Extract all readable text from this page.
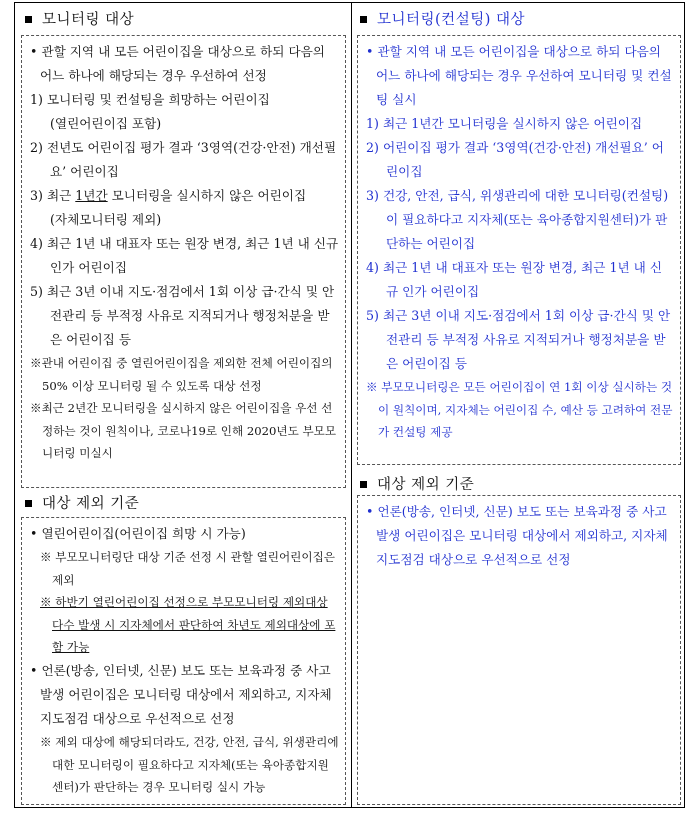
모니터링 대상

• 관할 지역 내 모든 어린이집을 대상으로 하되 다음의 어느 하나에 해당되는 경우 우선하여 선정

1) 모니터링 및 컨설팅을 희망하는 어린이집

(열린어린이집 포함)

2) 전년도 어린이집 평가 결과 ‘3영역(건강·안전) 개선필요’ 어린이집

3) 최근 1년간 모니터링을 실시하지 않은 어린이집

(자체모니터링 제외)

4) 최근 1년 내 대표자 또는 원장 변경, 최근 1년 내 신규 인가 어린이집

5) 최근 3년 이내 지도·점검에서 1회 이상 급·간식 및 안전관리 등 부적정 사유로 지적되거나 행정처분을 받은 어린이집 등

※관내 어린이집 중 열린어린이집을 제외한 전체 어린이집의 50% 이상 모니터링 될 수 있도록 대상 선정

※최근 2년간 모니터링을 실시하지 않은 어린이집을 우선 선정하는 것이 원칙이나, 코로나19로 인해 2020년도 부모모니터링 미실시

대상 제외 기준

• 열린어린이집(어린이집 희망 시 가능)

※ 부모모니터링단 대상 기준 선정 시 관할 열린어린이집은 제외

※ 하반기 열린어린이집 선정으로 부모모니터링 제외대상 다수 발생 시 지자체에서 판단하여 차년도 제외대상에 포함 가능

• 언론(방송, 인터넷, 신문) 보도 또는 보육과정 중 사고 발생 어린이집은 모니터링 대상에서 제외하고, 지자체 지도점검 대상으로 우선적으로 선정

※ 제외 대상에 해당되더라도, 건강, 안전, 급식, 위생관리에 대한 모니터링이 필요하다고 지자체(또는 육아종합지원센터)가 판단하는 경우 모니터링 실시 가능

모니터링(컨설팅) 대상

• 관할 지역 내 모든 어린이집을 대상으로 하되 다음의 어느 하나에 해당되는 경우 우선하여 모니터링 및 컨설팅 실시

1) 최근 1년간 모니터링을 실시하지 않은 어린이집

2) 어린이집 평가 결과 ‘3영역(건강·안전) 개선필요’ 어린이집

3) 건강, 안전, 급식, 위생관리에 대한 모니터링(컨설팅)이 필요하다고 지자체(또는 육아종합지원센터)가 판단하는 어린이집

4) 최근 1년 내 대표자 또는 원장 변경, 최근 1년 내 신규 인가 어린이집

5) 최근 3년 이내 지도·점검에서 1회 이상 급·간식 및 안전관리 등 부적정 사유로 지적되거나 행정처분을 받은 어린이집 등

※ 부모모니터링은 모든 어린이집이 연 1회 이상 실시하는 것이 원칙이며, 지자체는 어린이집 수, 예산 등 고려하여 전문가 컨설팅 제공

대상 제외 기준

• 언론(방송, 인터넷, 신문) 보도 또는 보육과정 중 사고 발생 어린이집은 모니터링 대상에서 제외하고, 지자체 지도점검 대상으로 우선적으로 선정
